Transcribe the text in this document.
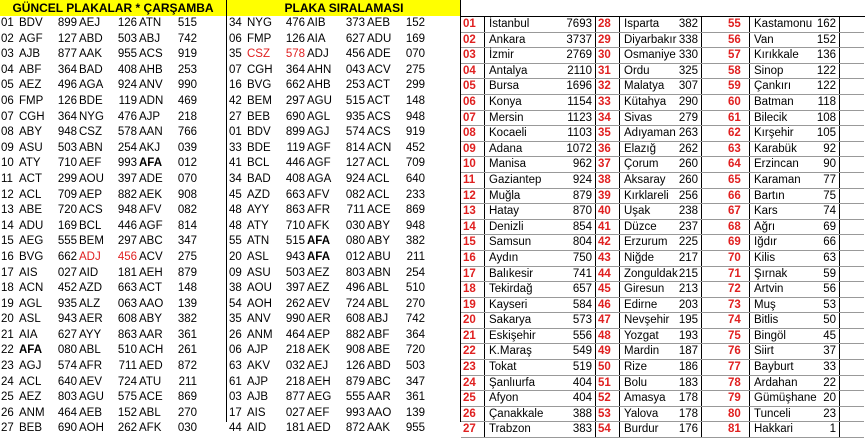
GÜNCEL PLAKALAR * ÇARŞAMBA	PLAKA SIRALAMASI
01 BDV	899 AEJ	126 ATN	515
02 AGF	127 ABD	503 ABJ	742
03 AJB	877 AAK	955 ACS	919
04 ABF	364 BAD	408 AHB	253
05 AEZ	496 AGA	924 ANV	990
06 FMP	126 BDE	119 ADN	469
07 CGH	364 NYG	476 AJP	218
08 ABY	948 CSZ	578 AAN	766
09 ASU	503 ABN	254 AKJ	039
10 ATY	710 AEF	993 AFA	012
11 ACT	299 AOU	397 ADE	070
12 ACL	709 AEP	882 AEK	908
13 ABE	720 ACS	948 AFV	082
14 ADU	169 BCL	446 AGF	814
15 AEG	555 BEM	297 ABC	347
16 BVG	662 ADJ	456 ACV	275
17 AIS	027 AID	181 AEH	879
18 ACN	452 AZD	663 ACT	148
19 AGL	935 ALZ	063 AAO	139
20 ASL	943 AER	608 ABY	382
21 AIA	627 AYY	863 AAR	361
22 AFA	080 ABL	510 ACH	261
23 AGJ	574 AFR	711 AED	872
24 ACL	640 AEV	724 ATU	211
25 AEZ	803 AGU	575 ACE	869
26 ANM	464 AEB	152 ABL	270
27 BEB	690 AOH	262 AFK	030
34 NYG	476 AIB	373 AEB	152
06 FMP	126 AIA	627 ADU	169
35 CSZ	578 ADJ	456 ADE	070
07 CGH	364 AHN	043 ACV	275
16 BVG	662 AHB	253 ACT	299
42 BEM	297 AGU	515 ACT	148
27 BEB	690 AGL	935 ACS	948
01 BDV	899 AGJ	574 ACS	919
33 BDE	119 AGF	814 ACN	452
41 BCL	446 AGF	127 ACL	709
34 BAD	408 AGA	924 ACL	640
45 AZD	663 AFV	082 ACL	233
48 AYY	863 AFR	711 ACE	869
48 ATY	710 AFK	030 ABY	948
55 ATN	515 AFA	080 ABY	382
20 ASL	943 AFA	012 ABU	211
09 ASU	503 AEZ	803 ABN	254
38 AOU	397 AEZ	496 ABL	510
54 AOH	262 AEV	724 ABL	270
35 ANV	990 AER	608 ABJ	742
26 ANM	464 AEP	882 ABF	364
06 AJP	218 AEK	908 ABE	720
63 AKV	032 AEJ	126 ABD	503
61 AJP	218 AEH	879 ABC	347
03 AJB	877 AEG	555 AAR	361
17 AIS	027 AEF	993 AAO	139
44 AID	181 AED	872 AAK	955
01	İstanbul	7693
02	Ankara	3737
03	İzmir	2769
04	Antalya	2110
05	Bursa	1696
06	Konya	1154
07	Mersin	1123
08	Kocaeli	1103
09	Adana	1072
10	Manisa	962
11	Gaziantep	924
12	Muğla	879
13	Hatay	870
14	Denizli	854
15	Samsun	804
16	Aydın	750
17	Balıkesir	741
18	Tekirdağ	657
19	Kayseri	584
20	Sakarya	573
21	Eskişehir	556
22	K.Maraş	549
23	Tokat	519
24	Şanlıurfa	404
25	Afyon	404
26	Çanakkale	388
27	Trabzon	383
28	Isparta	382
29	Diyarbakır 338
30	Osmaniye 330
31	Ordu	325
32	Malatya	307
33	Kütahya	290
34	Sivas	279
35	Adıyaman 263
36	Elazığ	262
37	Çorum	260
38	Aksaray	260
39	Kırklareli 256
40	Uşak	238
41	Düzce	237
42	Erzurum 225
43	Niğde	217
44	Zonguldak 215
45	Giresun	213
46	Edirne	203
47	Nevşehir 195
48	Yozgat	193
49	Mardin	187
50	Rize	186
51	Bolu	183
52	Amasya	178
53	Yalova	178
54	Burdur	176
55	Kastamonu 162
56	Van	152
57	Kırıkkale	136
58	Sinop	122
59	Çankırı	122
60	Batman	118
61	Bilecik	108
62	Kırşehir	105
63	Karabük	92
64	Erzincan	90
65	Karaman	77
66	Bartın	75
67	Kars	74
68	Ağrı	69
69	Iğdır	66
70	Kilis	63
71	Şırnak	59
72	Artvin	56
73	Muş	53
74	Bitlis	50
75	Bingöl	45
76	Siirt	37
77	Bayburt	33
78	Ardahan	22
79	Gümüşhane 20
80	Tunceli	23
81	Hakkari	1
